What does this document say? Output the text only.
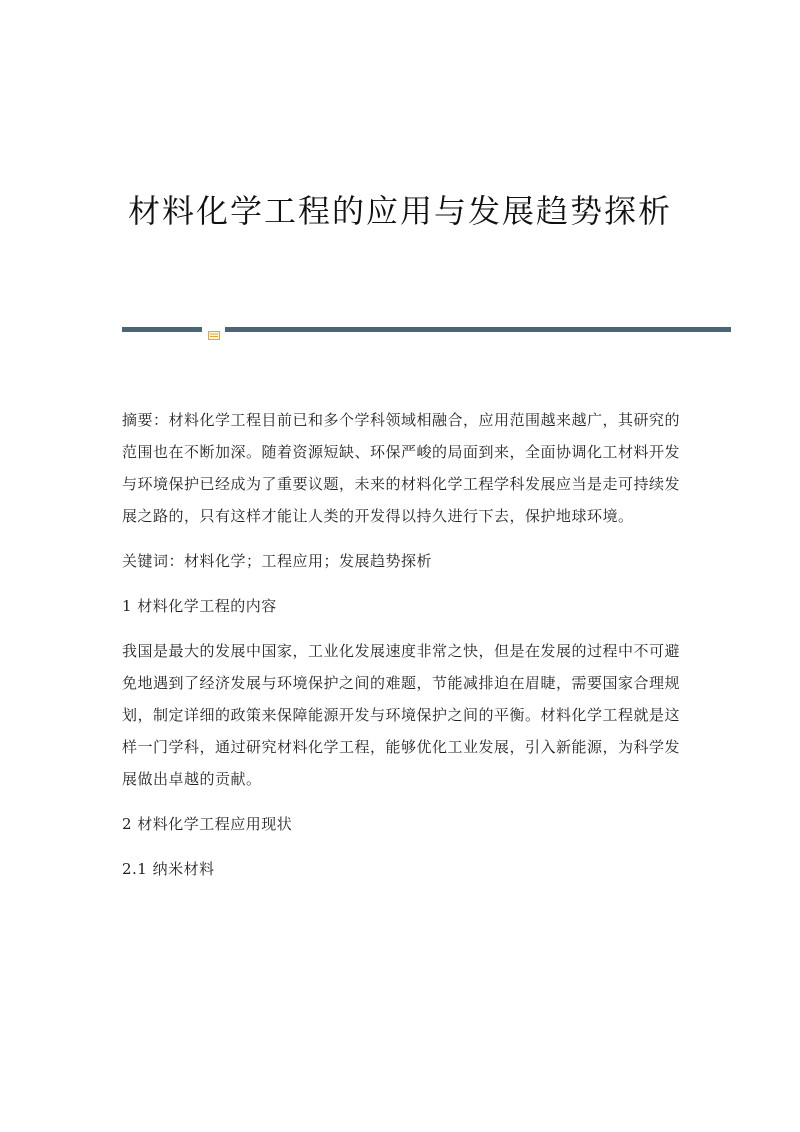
材料化学工程的应用与发展趋势探析

摘要：材料化学工程目前已和多个学科领域相融合，应用范围越来越广，其研究的范围也在不断加深。随着资源短缺、环保严峻的局面到来，全面协调化工材料开发与环境保护已经成为了重要议题，未来的材料化学工程学科发展应当是走可持续发展之路的，只有这样才能让人类的开发得以持久进行下去，保护地球环境。

关键词：材料化学；工程应用；发展趋势探析

1 材料化学工程的内容

我国是最大的发展中国家，工业化发展速度非常之快，但是在发展的过程中不可避免地遇到了经济发展与环境保护之间的难题，节能减排迫在眉睫，需要国家合理规划，制定详细的政策来保障能源开发与环境保护之间的平衡。材料化学工程就是这样一门学科，通过研究材料化学工程，能够优化工业发展，引入新能源，为科学发展做出卓越的贡献。

2 材料化学工程应用现状

2.1 纳米材料
